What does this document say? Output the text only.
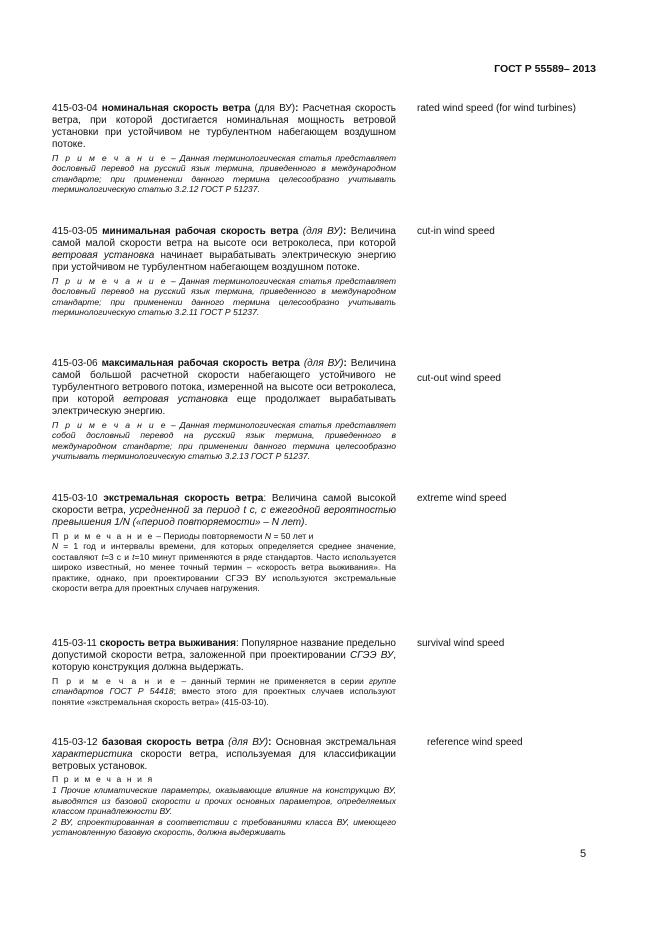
ГОСТ Р 55589– 2013

415-03-04 номинальная скорость ветра (для ВУ): Расчетная скорость ветра, при которой достигается номинальная мощность ветровой установки при устойчивом не турбулентном набегающем воздушном потоке.

П р и м е ч а н и е – Данная терминологическая статья представляет дословный перевод на русский язык термина, приведенного в международном стандарте; при применении данного термина целесообразно учитывать терминологическую статью 3.2.12 ГОСТ Р 51237.

rated wind speed (for wind turbines)

415-03-05 минимальная рабочая скорость ветра (для ВУ): Величина самой малой скорости ветра на высоте оси ветроколеса, при которой ветровая установка начинает вырабатывать электрическую энергию при устойчивом не турбулентном набегающем воздушном потоке.

П р и м е ч а н и е – Данная терминологическая статья представляет дословный перевод на русский язык термина, приведенного в международном стандарте; при применении данного термина целесообразно учитывать терминологическую статью 3.2.11 ГОСТ Р 51237.

cut-in wind speed

415-03-06 максимальная рабочая скорость ветра (для ВУ): Величина самой большой расчетной скорости набегающего устойчивого не турбулентного ветрового потока, измеренной на высоте оси ветроколеса, при которой ветровая установка еще продолжает вырабатывать электрическую энергию.

П р и м е ч а н и е – Данная терминологическая статья представляет собой дословный перевод на русский язык термина, приведенного в международном стандарте; при применении данного термина целесообразно учитывать терминологическую статью 3.2.13 ГОСТ Р 51237.

cut-out wind speed

415-03-10 экстремальная скорость ветра: Величина самой высокой скорости ветра, усредненной за период t с, с ежегодной вероятностью превышения 1/N («период повторяемости» – N лет).

П р и м е ч а н и е – Периоды повторяемости N = 50 лет и
N = 1 год и интервалы времени, для которых определяется среднее значение, составляют t=3 с и t=10 минут применяются в ряде стандартов. Часто используется широко известный, но менее точный термин – «скорость ветра выживания». На практике, однако, при проектировании СГЭЭ ВУ используются экстремальные скорости ветра для проектных случаев нагружения.

extreme wind speed

415-03-11 скорость ветра выживания: Популярное название предельно допустимой скорости ветра, заложенной при проектировании СГЭЭ ВУ, которую конструкция должна выдержать.

П р и м е ч а н и е – данный термин не применяется в серии группе стандартов ГОСТ Р 54418; вместо этого для проектных случаев используют понятие «экстремальная скорость ветра» (415-03-10).

survival wind speed

415-03-12 базовая скорость ветра (для ВУ): Основная экстремальная характеристика скорости ветра, используемая для классификации ветровых установок.

П р и м е ч а н и я

1 Прочие климатические параметры, оказывающие влияние на конструкцию ВУ, выводятся из базовой скорости и прочих основных параметров, определяемых классом принадлежности ВУ.

2 ВУ, спроектированная в соответствии с требованиями класса ВУ, имеющего установленную базовую скорость, должна выдерживать

reference wind speed
5
